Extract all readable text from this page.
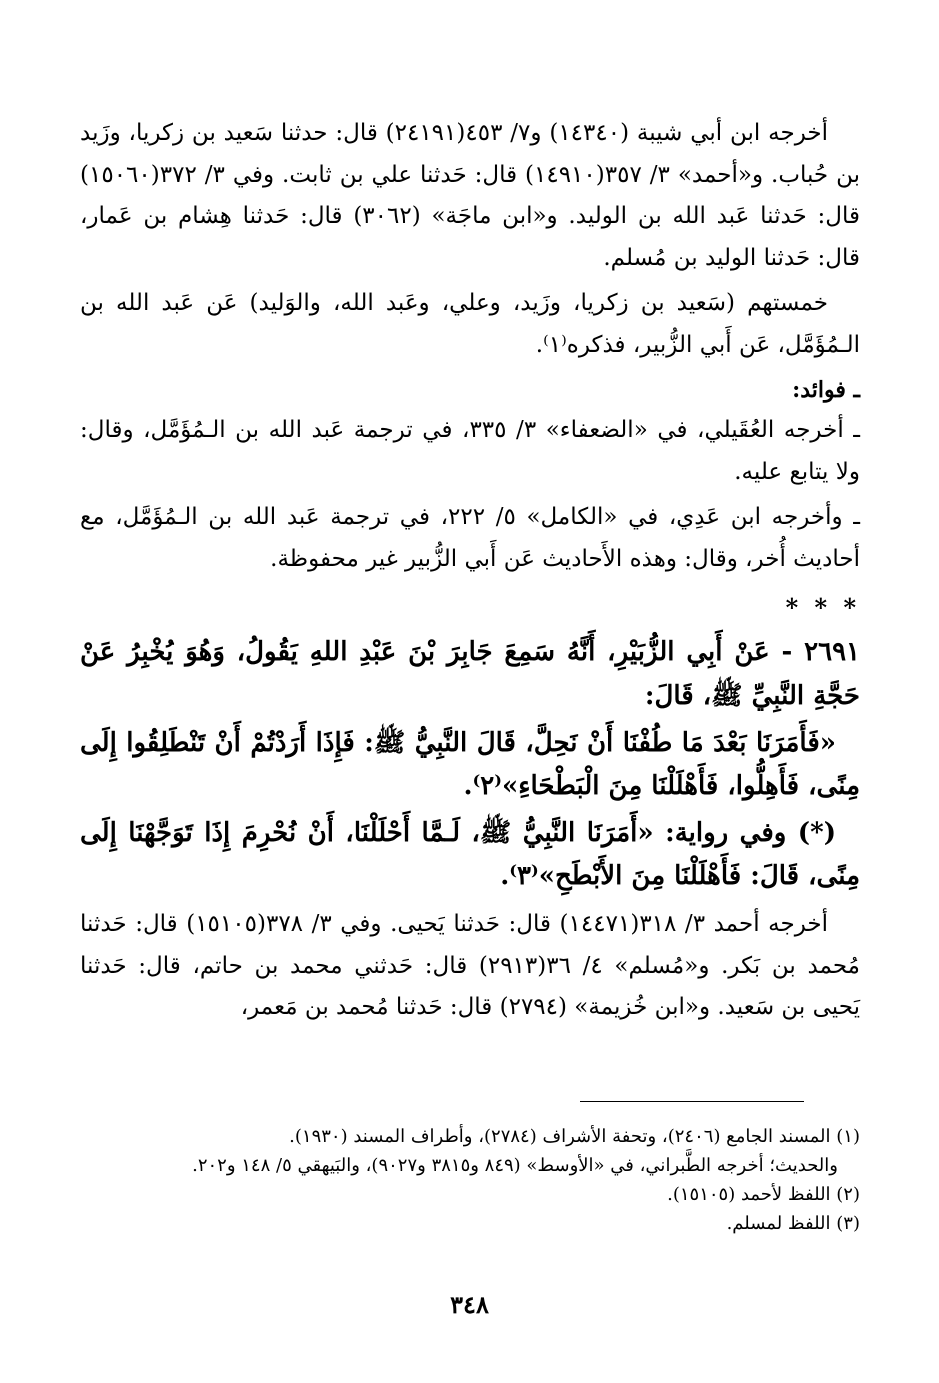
أخرجه ابن أبي شيبة (١٤٣٤٠) و٧/ ٤٥٣(٢٤١٩١) قال: حدثنا سَعيد بن زكريا، وزَيد بن حُباب. و«أحمد» ٣/ ٣٥٧(١٤٩١٠) قال: حَدثنا علي بن ثابت. وفي ٣/ ٣٧٢(١٥٠٦٠) قال: حَدثنا عَبد الله بن الوليد. و«ابن ماجَة» (٣٠٦٢) قال: حَدثنا هِشام بن عَمار، قال: حَدثنا الوليد بن مُسلم.

خمستهم (سَعيد بن زكريا، وزَيد، وعلي، وعَبد الله، والوَليد) عَن عَبد الله بن الـمُؤَمَّل، عَن أَبي الزُّبير، فذكره⁽١⁾.

ـ فوائد:

ـ أخرجه العُقَيلي، في «الضعفاء» ٣/ ٣٣٥، في ترجمة عَبد الله بن الـمُؤَمَّل، وقال: ولا يتابع عليه.

ـ وأخرجه ابن عَدِي، في «الكامل» ٥/ ٢٢٢، في ترجمة عَبد الله بن الـمُؤَمَّل، مع أحاديث أُخر، وقال: وهذه الأَحاديث عَن أَبي الزُّبير غير محفوظة.

* * *

٢٦٩١ - عَنْ أَبِي الزُّبَيْرِ، أَنَّهُ سَمِعَ جَابِرَ بْنَ عَبْدِ اللهِ يَقُولُ، وَهُوَ يُخْبِرُ عَنْ حَجَّةِ النَّبِيِّ ﷺ، قَالَ:

«فَأَمَرَنَا بَعْدَ مَا طُفْنَا أَنْ نَحِلَّ، قَالَ النَّبِيُّ ﷺ: فَإِذَا أَرَدْتُمْ أَنْ تَنْطَلِقُوا إِلَى مِنًى، فَأَهِلُّوا، فَأَهْلَلْنَا مِنَ الْبَطْحَاءِ»⁽٢⁾.

(*) وفي رواية: «أَمَرَنَا النَّبِيُّ ﷺ، لَـمَّا أَحْلَلْنَا، أَنْ نُحْرِمَ إِذَا تَوَجَّهْنَا إِلَى مِنًى، قَالَ: فَأَهْلَلْنَا مِنَ الأَبْطَحِ»⁽٣⁾.

أخرجه أحمد ٣/ ٣١٨(١٤٤٧١) قال: حَدثنا يَحيى. وفي ٣/ ٣٧٨(١٥١٠٥) قال: حَدثنا مُحمد بن بَكر. و«مُسلم» ٤/ ٣٦(٢٩١٣) قال: حَدثني محمد بن حاتم، قال: حَدثنا يَحيى بن سَعيد. و«ابن خُزيمة» (٢٧٩٤) قال: حَدثنا مُحمد بن مَعمر،

(١) المسند الجامع (٢٤٠٦)، وتحفة الأشراف (٢٧٨٤)، وأطراف المسند (١٩٣٠).

والحديث؛ أخرجه الطَّبراني، في «الأوسط» (٨٤٩ و٣٨١٥ و٩٠٢٧)، والبَيهقي ٥/ ١٤٨ و٢٠٢.

(٢) اللفظ لأحمد (١٥١٠٥).

(٣) اللفظ لمسلم.

٣٤٨
